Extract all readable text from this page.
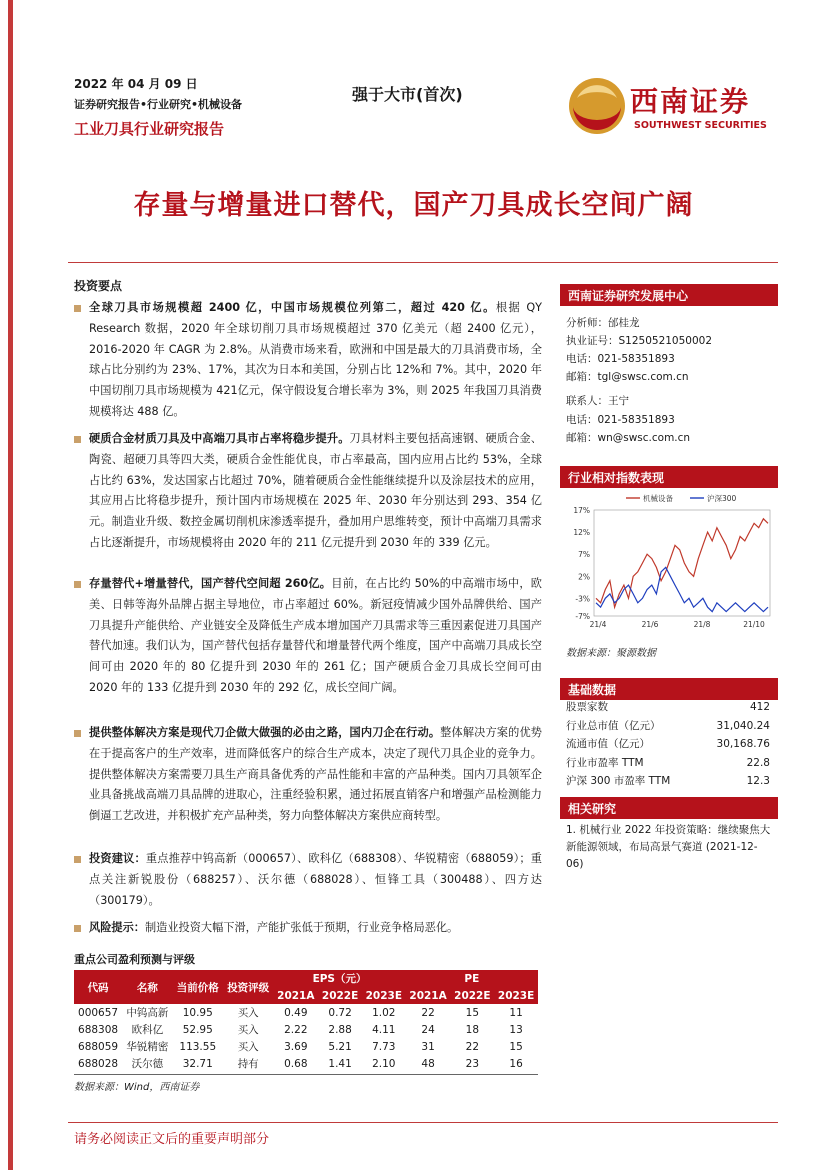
2022 年 04 月 09 日
证券研究报告•行业研究•机械设备
工业刀具行业研究报告
强于大市(首次)	西南证券
SOUTHWEST SECURITIES
存量与增量进口替代，国产刀具成长空间广阔
投资要点
全球刀具市场规模超 2400 亿，中国市场规模位列第二，超过 420 亿。根据 QY Research 数据，2020 年全球切削刀具市场规模超过 370 亿美元（超 2400 亿元），2016-2020 年 CAGR 为 2.8%。从消费市场来看，欧洲和中国是最大的刀具消费市场，全球占比分别约为 23%、17%，其次为日本和美国，分别占比 12%和 7%。其中，2020 年中国切削刀具市场规模为 421亿元，保守假设复合增长率为 3%，则 2025 年我国刀具消费规模将达 488 亿。
硬质合金材质刀具及中高端刀具市占率将稳步提升。刀具材料主要包括高速钢、硬质合金、陶瓷、超硬刀具等四大类，硬质合金性能优良，市占率最高，国内应用占比约 53%，全球占比约 63%，发达国家占比超过 70%，随着硬质合金性能继续提升以及涂层技术的应用，其应用占比将稳步提升，预计国内市场规模在 2025 年、2030 年分别达到 293、354 亿元。制造业升级、数控金属切削机床渗透率提升，叠加用户思维转变，预计中高端刀具需求占比逐渐提升，市场规模将由 2020 年的 211 亿元提升到 2030 年的 339 亿元。
存量替代+增量替代，国产替代空间超 260亿。目前，在占比约 50%的中高端市场中，欧美、日韩等海外品牌占据主导地位，市占率超过 60%。新冠疫情减少国外品牌供给、国产刀具提升产能供给、产业链安全及降低生产成本增加国产刀具需求等三重因素促进刀具国产替代加速。我们认为，国产替代包括存量替代和增量替代两个维度，国产中高端刀具成长空间可由 2020 年的 80 亿提升到 2030 年的 261 亿；国产硬质合金刀具成长空间可由 2020 年的 133 亿提升到 2030 年的 292 亿，成长空间广阔。
提供整体解决方案是现代刀企做大做强的必由之路，国内刀企在行动。整体解决方案的优势在于提高客户的生产效率，进而降低客户的综合生产成本，决定了现代刀具企业的竞争力。提供整体解决方案需要刀具生产商具备优秀的产品性能和丰富的产品种类。国内刀具领军企业具备挑战高端刀具品牌的进取心，注重经验积累，通过拓展直销客户和增强产品检测能力倒逼工艺改进，并积极扩充产品种类，努力向整体解决方案供应商转型。
投资建议：重点推荐中钨高新（000657）、欧科亿（688308）、华锐精密（688059）；重点关注新锐股份（688257）、沃尔德（688028）、恒锋工具（300488）、四方达（300179）。
风险提示：制造业投资大幅下滑，产能扩张低于预期，行业竞争格局恶化。
西南证券研究发展中心
分析师：邰桂龙
执业证号：S1250521050002
电话：021-58351893
邮箱：tgl@swsc.com.cn
联系人：王宁
电话：021-58351893
邮箱：wn@swsc.com.cn
行业相对指数表现
机械设备	沪深300
17%
12%
7%
2%
-3%
-7%
21/4	21/6	21/8	21/10
数据来源：聚源数据
基础数据
股票家数	412
行业总市值（亿元）	31,040.24
流通市值（亿元）	30,168.76
行业市盈率 TTM	22.8
沪深 300 市盈率 TTM	12.3
相关研究
1. 机械行业 2022 年投资策略：继续聚焦大新能源领域，布局高景气赛道 (2021-12-06)
重点公司盈利预测与评级
代码	名称	当前价格	投资评级	EPS（元）			PE		
				2021A	2022E	2023E	2021A	2022E	2023E
000657	中钨高新	10.95	买入	0.49	0.72	1.02	22	15	11
688308	欧科亿	52.95	买入	2.22	2.88	4.11	24	18	13
688059	华锐精密	113.55	买入	3.69	5.21	7.73	31	22	15
688028	沃尔德	32.71	持有	0.68	1.41	2.10	48	23	16
数据来源：Wind，西南证券
请务必阅读正文后的重要声明部分
